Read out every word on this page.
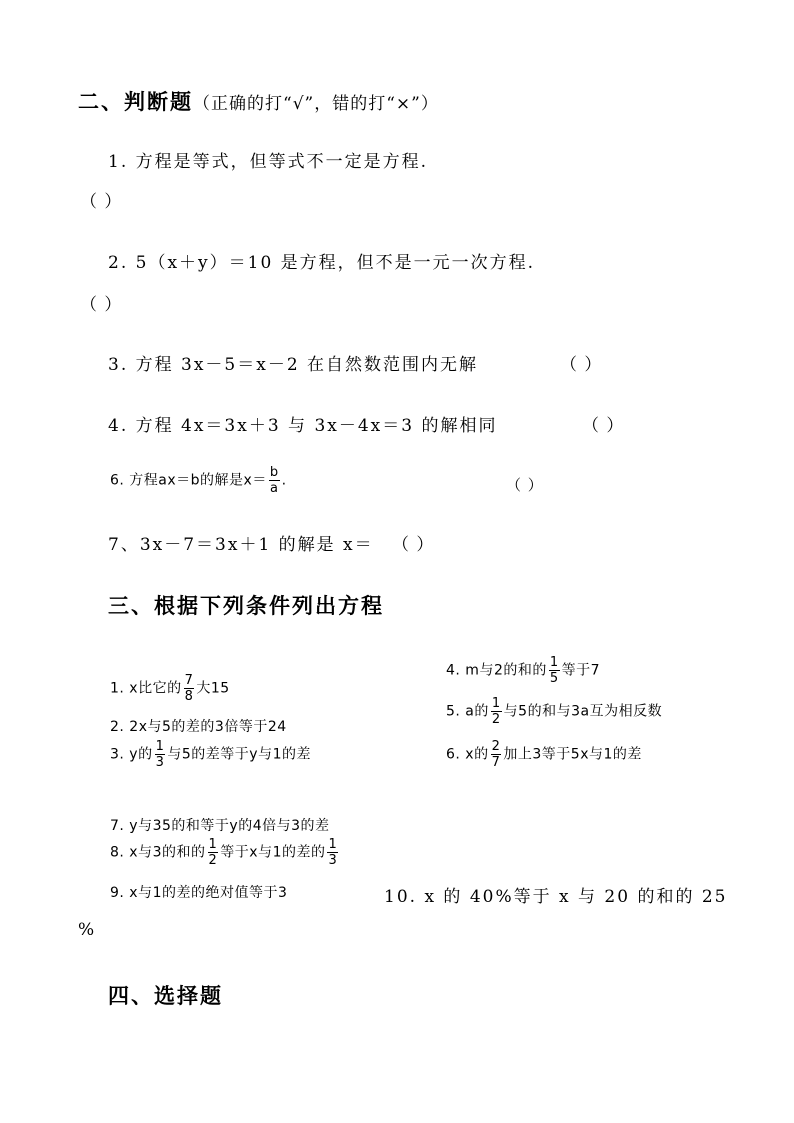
二、判断题（正确的打“√”，错的打“×”）
1. 方程是等式，但等式不一定是方程.
（ ）
2. 5（x＋y）＝10 是方程，但不是一元一次方程.
（ ）
3. 方程 3x－5＝x－2 在自然数范围内无解	（ ）
4. 方程 4x＝3x＋3 与 3x－4x＝3 的解相同	（ ）
6. 方程ax＝b的解是$x= \frac{b}{a}$ .	（ ）
7、3x－7＝3x＋1 的解是 x＝ （ ）
三、根据下列条件列出方程
4. m与2的和的 $\frac{1}{5}$ 等于7
1. x比它的 $\frac{7}{8}$ 大15
5. a的 $\frac{1}{2}$ 与5的和与3a互为相反数
2. 2x与5的差的3倍等于24
3. y的 $\frac{1}{3}$ 与5的差等于y与1的差	6. x的 $\frac{2}{7}$ 加上3等于5x与1的差
7. y与35的和等于y的4倍与3的差
8. x与3的和的 $\frac{1}{2}$ 等于x与1的差的 $\frac{1}{3}$
9. x与1的差的绝对值等于3	10. x 的 40%等于 x 与 20 的和的 25
%
四、选择题
